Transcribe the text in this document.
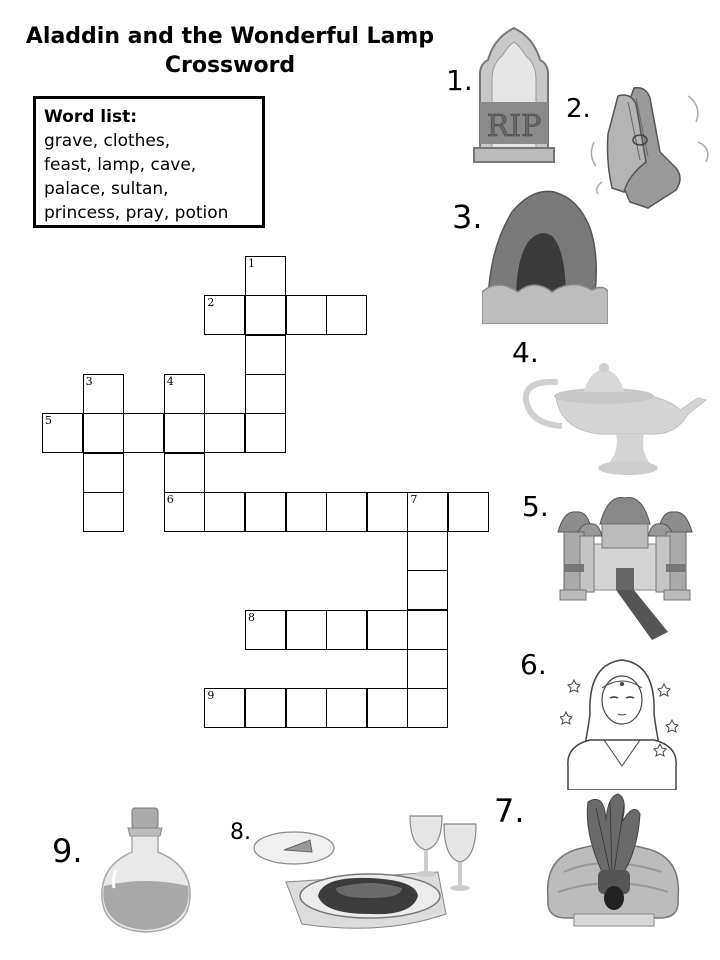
Aladdin and the Wonderful Lamp
Crossword
Word list:
grave, clothes,
feast, lamp, cave,
palace, sultan,
princess, pray, potion
2
5
6	7
8
9
1
3	4
1.
RIP 2.
3.
4.
5.
6.
7.
8.
9.
